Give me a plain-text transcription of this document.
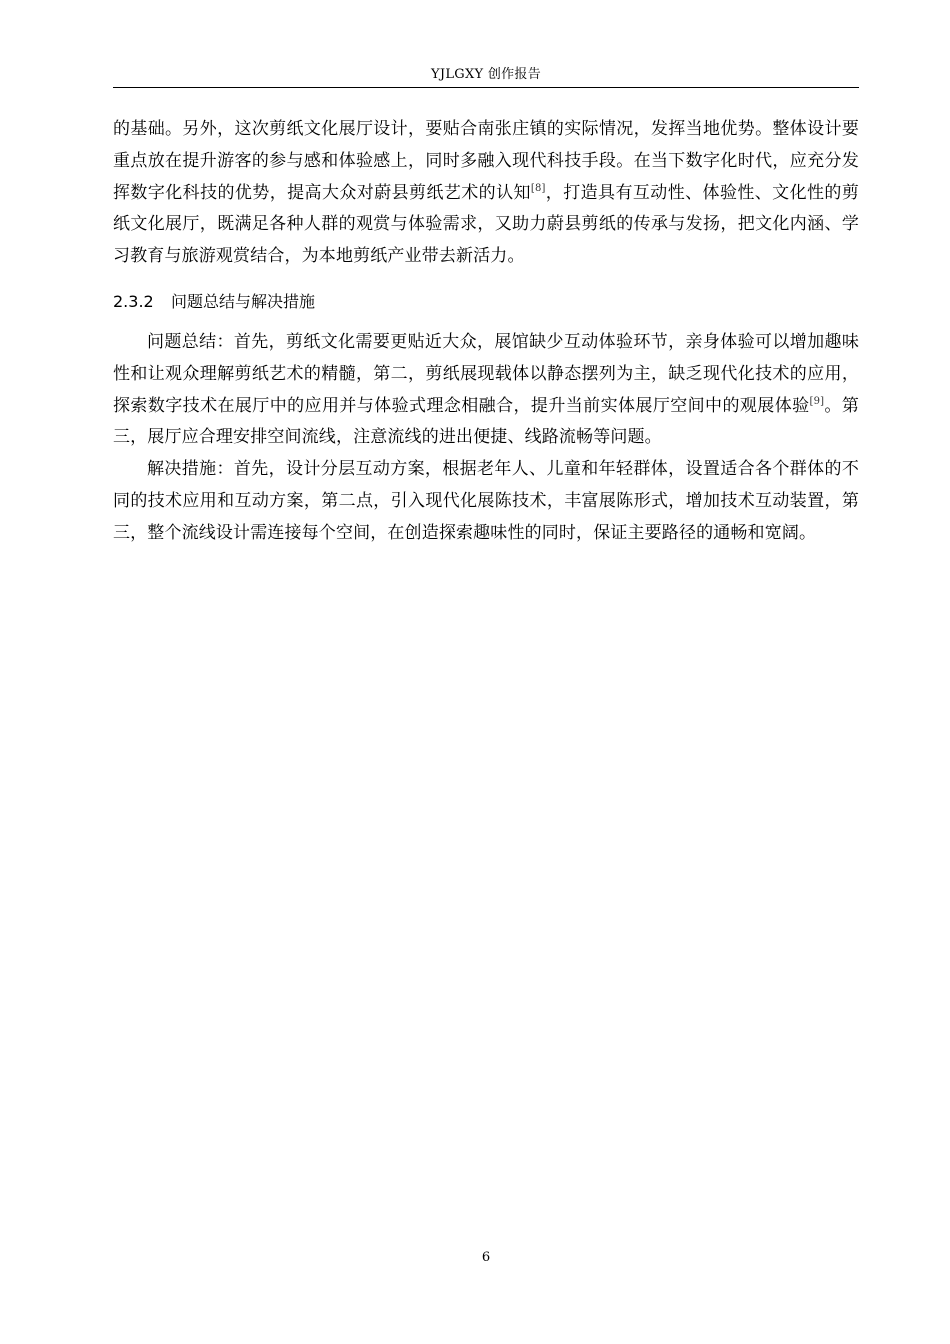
YJLGXY 创作报告

的基础。另外，这次剪纸文化展厅设计，要贴合南张庄镇的实际情况，发挥当地优势。整体设计要重点放在提升游客的参与感和体验感上，同时多融入现代科技手段。在当下数字化时代，应充分发挥数字化科技的优势，提高大众对蔚县剪纸艺术的认知[8]，打造具有互动性、体验性、文化性的剪纸文化展厅，既满足各种人群的观赏与体验需求，又助力蔚县剪纸的传承与发扬，把文化内涵、学习教育与旅游观赏结合，为本地剪纸产业带去新活力。

2.3.2 问题总结与解决措施

问题总结：首先，剪纸文化需要更贴近大众，展馆缺少互动体验环节，亲身体验可以增加趣味性和让观众理解剪纸艺术的精髓，第二，剪纸展现载体以静态摆列为主，缺乏现代化技术的应用，探索数字技术在展厅中的应用并与体验式理念相融合，提升当前实体展厅空间中的观展体验[9]。第三，展厅应合理安排空间流线，注意流线的进出便捷、线路流畅等问题。

解决措施：首先，设计分层互动方案，根据老年人、儿童和年轻群体，设置适合各个群体的不同的技术应用和互动方案，第二点，引入现代化展陈技术，丰富展陈形式，增加技术互动装置，第三，整个流线设计需连接每个空间，在创造探索趣味性的同时，保证主要路径的通畅和宽阔。

6
